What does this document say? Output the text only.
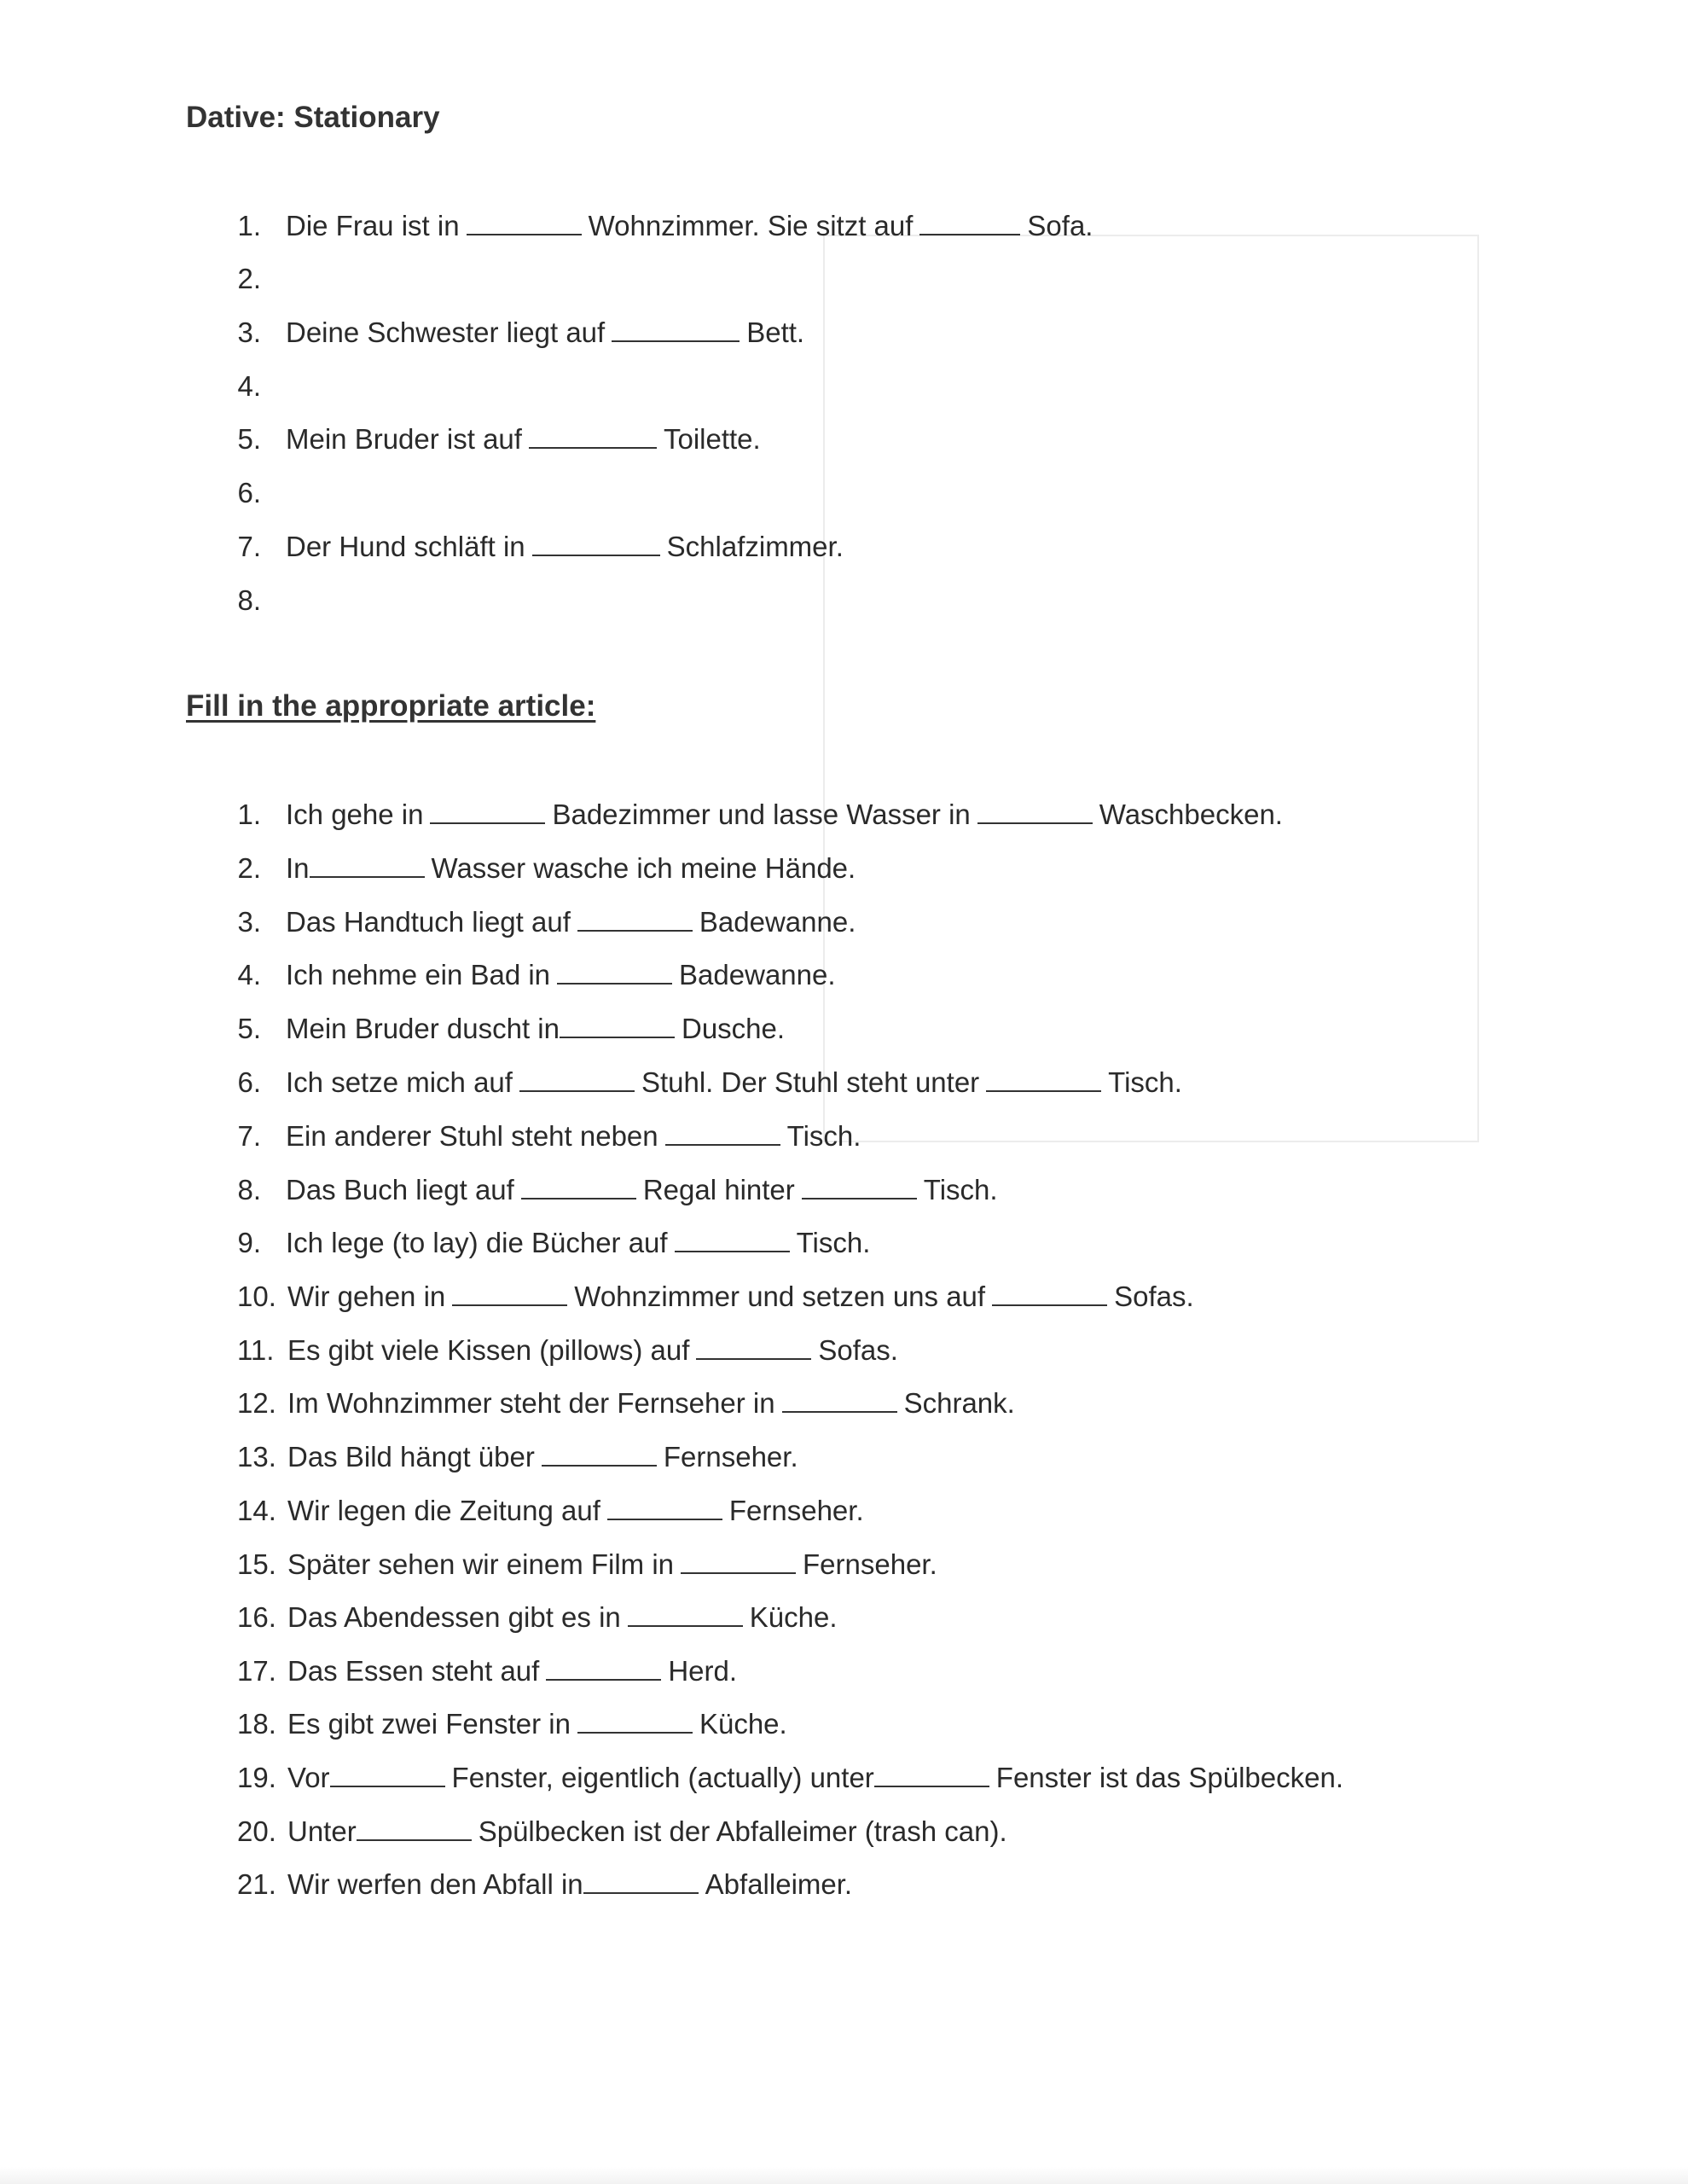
Dative: Stationary
1. Die Frau ist in	Wohnzimmer. Sie sitzt auf	Sofa.
2.
3. Deine Schwester liegt auf	Bett.
4.
5. Mein Bruder ist auf	Toilette.
6.
7. Der Hund schläft in	Schlafzimmer.
8.
Fill in the appropriate article:
1. Ich gehe in	Badezimmer und lasse Wasser in	Waschbecken.
2. In	Wasser wasche ich meine Hände.
3. Das Handtuch liegt auf	Badewanne.
4. Ich nehme ein Bad in	Badewanne.
5. Mein Bruder duscht in	Dusche.
6. Ich setze mich auf	Stuhl. Der Stuhl steht unter	Tisch.
7. Ein anderer Stuhl steht neben	Tisch.
8. Das Buch liegt auf	Regal hinter	Tisch.
9. Ich lege (to lay) die Bücher auf	Tisch.
10. Wir gehen in	Wohnzimmer und setzen uns auf	Sofas.
11. Es gibt viele Kissen (pillows) auf	Sofas.
12. Im Wohnzimmer steht der Fernseher in	Schrank.
13. Das Bild hängt über	Fernseher.
14. Wir legen die Zeitung auf	Fernseher.
15. Später sehen wir einem Film in	Fernseher.
16. Das Abendessen gibt es in	Küche.
17. Das Essen steht auf	Herd.
18. Es gibt zwei Fenster in	Küche.
19. Vor	Fenster, eigentlich (actually) unter	Fenster ist das Spülbecken.
20. Unter	Spülbecken ist der Abfalleimer (trash can).
21. Wir werfen den Abfall in	Abfalleimer.
